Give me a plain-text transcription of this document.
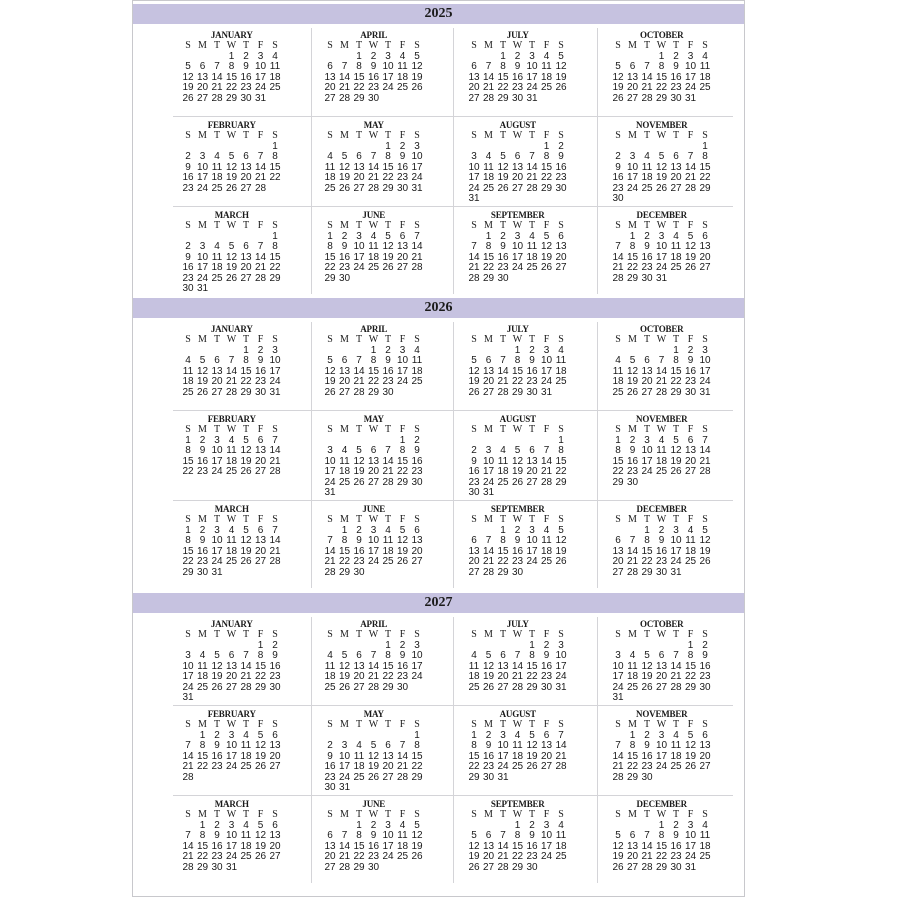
2025
JANUARY
S M T W T F S
1 2 3 4
5 6 7 8 9 10 11
12 13 14 15 16 17 18
19 20 21 22 23 24 25
26 27 28 29 30 31
FEBRUARY
S M T W T F S
1
2 3 4 5 6 7 8
9 10 11 12 13 14 15
16 17 18 19 20 21 22
23 24 25 26 27 28
MARCH
S M T W T F S
1
2 3 4 5 6 7 8
9 10 11 12 13 14 15
16 17 18 19 20 21 22
23 24 25 26 27 28 29
30 31
APRIL
S M T W T F S
1 2 3 4 5
6 7 8 9 10 11 12
13 14 15 16 17 18 19
20 21 22 23 24 25 26
27 28 29 30
MAY
S M T W T F S
1 2 3
4 5 6 7 8 9 10
11 12 13 14 15 16 17
18 19 20 21 22 23 24
25 26 27 28 29 30 31
JUNE
S M T W T F S
1 2 3 4 5 6 7
8 9 10 11 12 13 14
15 16 17 18 19 20 21
22 23 24 25 26 27 28
29 30
JULY
S M T W T F S
1 2 3 4 5
6 7 8 9 10 11 12
13 14 15 16 17 18 19
20 21 22 23 24 25 26
27 28 29 30 31
AUGUST
S M T W T F S
1 2
3 4 5 6 7 8 9
10 11 12 13 14 15 16
17 18 19 20 21 22 23
24 25 26 27 28 29 30
31
SEPTEMBER
S M T W T F S
1 2 3 4 5 6
7 8 9 10 11 12 13
14 15 16 17 18 19 20
21 22 23 24 25 26 27
28 29 30
OCTOBER
S M T W T F S
1 2 3 4
5 6 7 8 9 10 11
12 13 14 15 16 17 18
19 20 21 22 23 24 25
26 27 28 29 30 31
NOVEMBER
S M T W T F S
1
2 3 4 5 6 7 8
9 10 11 12 13 14 15
16 17 18 19 20 21 22
23 24 25 26 27 28 29
30
DECEMBER
S M T W T F S
1 2 3 4 5 6
7 8 9 10 11 12 13
14 15 16 17 18 19 20
21 22 23 24 25 26 27
28 29 30 31
2026
JANUARY
S M T W T F S
1 2 3
4 5 6 7 8 9 10
11 12 13 14 15 16 17
18 19 20 21 22 23 24
25 26 27 28 29 30 31
FEBRUARY
S M T W T F S
1 2 3 4 5 6 7
8 9 10 11 12 13 14
15 16 17 18 19 20 21
22 23 24 25 26 27 28
MARCH
S M T W T F S
1 2 3 4 5 6 7
8 9 10 11 12 13 14
15 16 17 18 19 20 21
22 23 24 25 26 27 28
29 30 31
APRIL
S M T W T F S
1 2 3 4
5 6 7 8 9 10 11
12 13 14 15 16 17 18
19 20 21 22 23 24 25
26 27 28 29 30
MAY
S M T W T F S
1 2
3 4 5 6 7 8 9
10 11 12 13 14 15 16
17 18 19 20 21 22 23
24 25 26 27 28 29 30
31
JUNE
S M T W T F S
1 2 3 4 5 6
7 8 9 10 11 12 13
14 15 16 17 18 19 20
21 22 23 24 25 26 27
28 29 30
JULY
S M T W T F S
1 2 3 4
5 6 7 8 9 10 11
12 13 14 15 16 17 18
19 20 21 22 23 24 25
26 27 28 29 30 31
AUGUST
S M T W T F S
1
2 3 4 5 6 7 8
9 10 11 12 13 14 15
16 17 18 19 20 21 22
23 24 25 26 27 28 29
30 31
SEPTEMBER
S M T W T F S
1 2 3 4 5
6 7 8 9 10 11 12
13 14 15 16 17 18 19
20 21 22 23 24 25 26
27 28 29 30
OCTOBER
S M T W T F S
1 2 3
4 5 6 7 8 9 10
11 12 13 14 15 16 17
18 19 20 21 22 23 24
25 26 27 28 29 30 31
NOVEMBER
S M T W T F S
1 2 3 4 5 6 7
8 9 10 11 12 13 14
15 16 17 18 19 20 21
22 23 24 25 26 27 28
29 30
DECEMBER
S M T W T F S
1 2 3 4 5
6 7 8 9 10 11 12
13 14 15 16 17 18 19
20 21 22 23 24 25 26
27 28 29 30 31
2027
JANUARY
S M T W T F S
1 2
3 4 5 6 7 8 9
10 11 12 13 14 15 16
17 18 19 20 21 22 23
24 25 26 27 28 29 30
31
FEBRUARY
S M T W T F S
1 2 3 4 5 6
7 8 9 10 11 12 13
14 15 16 17 18 19 20
21 22 23 24 25 26 27
28
MARCH
S M T W T F S
1 2 3 4 5 6
7 8 9 10 11 12 13
14 15 16 17 18 19 20
21 22 23 24 25 26 27
28 29 30 31
APRIL
S M T W T F S
1 2 3
4 5 6 7 8 9 10
11 12 13 14 15 16 17
18 19 20 21 22 23 24
25 26 27 28 29 30
MAY
S M T W T F S
1
2 3 4 5 6 7 8
9 10 11 12 13 14 15
16 17 18 19 20 21 22
23 24 25 26 27 28 29
30 31
JUNE
S M T W T F S
1 2 3 4 5
6 7 8 9 10 11 12
13 14 15 16 17 18 19
20 21 22 23 24 25 26
27 28 29 30
JULY
S M T W T F S
1 2 3
4 5 6 7 8 9 10
11 12 13 14 15 16 17
18 19 20 21 22 23 24
25 26 27 28 29 30 31
AUGUST
S M T W T F S
1 2 3 4 5 6 7
8 9 10 11 12 13 14
15 16 17 18 19 20 21
22 23 24 25 26 27 28
29 30 31
SEPTEMBER
S M T W T F S
1 2 3 4
5 6 7 8 9 10 11
12 13 14 15 16 17 18
19 20 21 22 23 24 25
26 27 28 29 30
OCTOBER
S M T W T F S
1 2
3 4 5 6 7 8 9
10 11 12 13 14 15 16
17 18 19 20 21 22 23
24 25 26 27 28 29 30
31
NOVEMBER
S M T W T F S
1 2 3 4 5 6
7 8 9 10 11 12 13
14 15 16 17 18 19 20
21 22 23 24 25 26 27
28 29 30
DECEMBER
S M T W T F S
1 2 3 4
5 6 7 8 9 10 11
12 13 14 15 16 17 18
19 20 21 22 23 24 25
26 27 28 29 30 31
